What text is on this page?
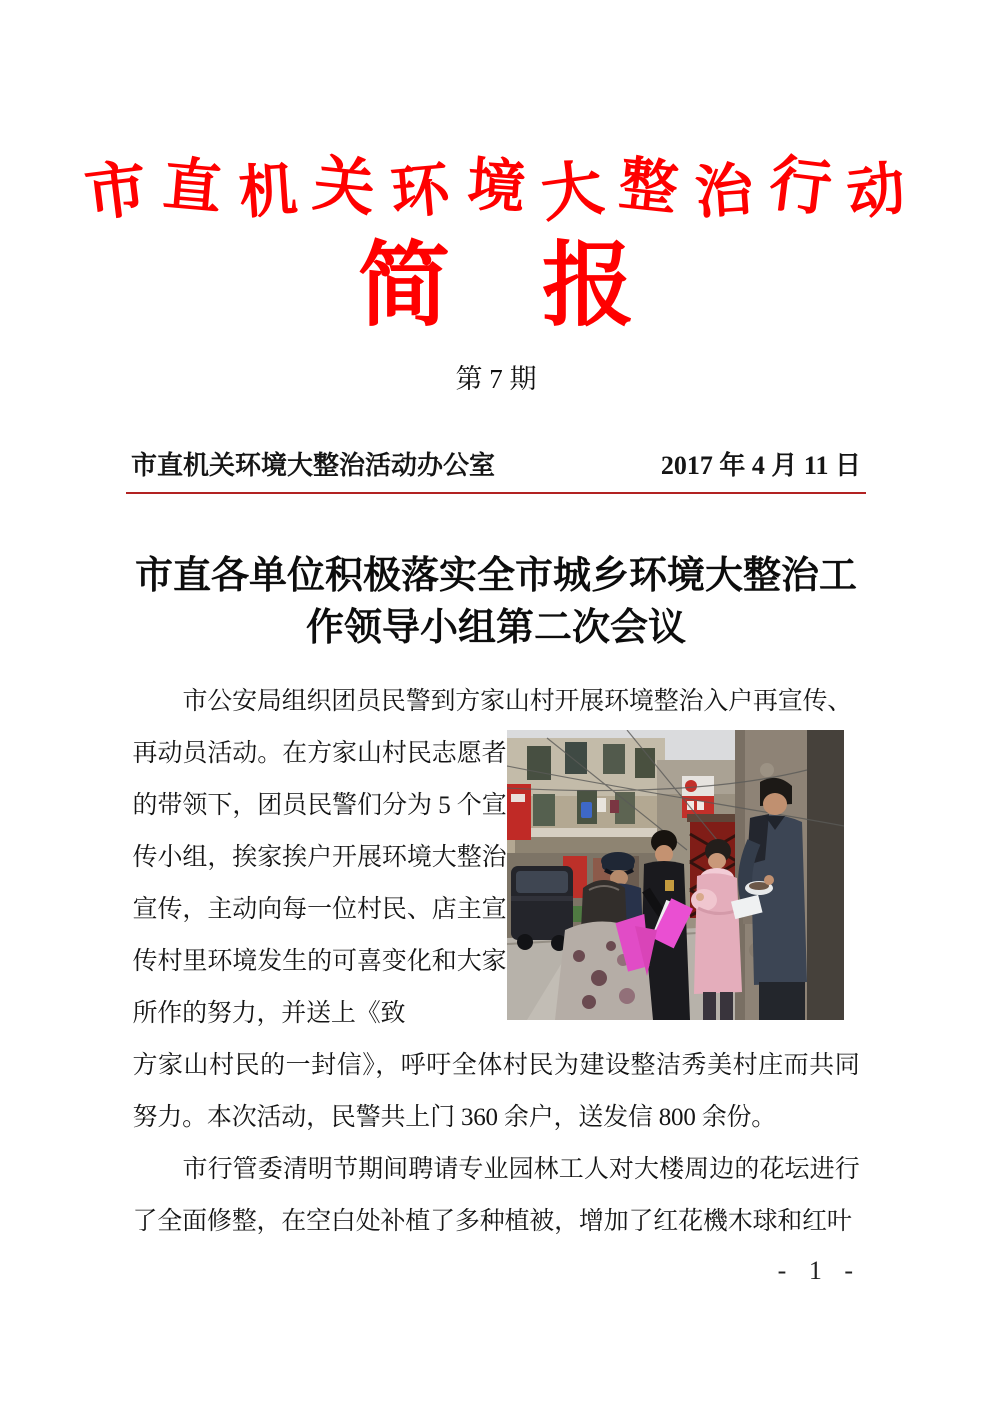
市 直 机 关 环 境 大 整 治 行 动
简 报
第 7 期
市直机关环境大整治活动办公室	2017 年 4 月 11 日
市直各单位积极落实全市城乡环境大整治工作领导小组第二次会议

市公安局组织团员民警到方家山村开展环境整治入户再宣传、

再动员活动。在方家山村民志愿者的带领下，团员民警们分为 5 个宣传小组，挨家挨户开展环境大整治宣传，主动向每一位村民、店主宣传村里环境发生的可喜变化和大家所作的努力，并送上《致

方家山村民的一封信》，呼吁全体村民为建设整洁秀美村庄而共同努力。本次活动，民警共上门 360 余户，送发信 800 余份。

市行管委清明节期间聘请专业园林工人对大楼周边的花坛进行了全面修整，在空白处补植了多种植被，增加了红花機木球和红叶

- 1 -
